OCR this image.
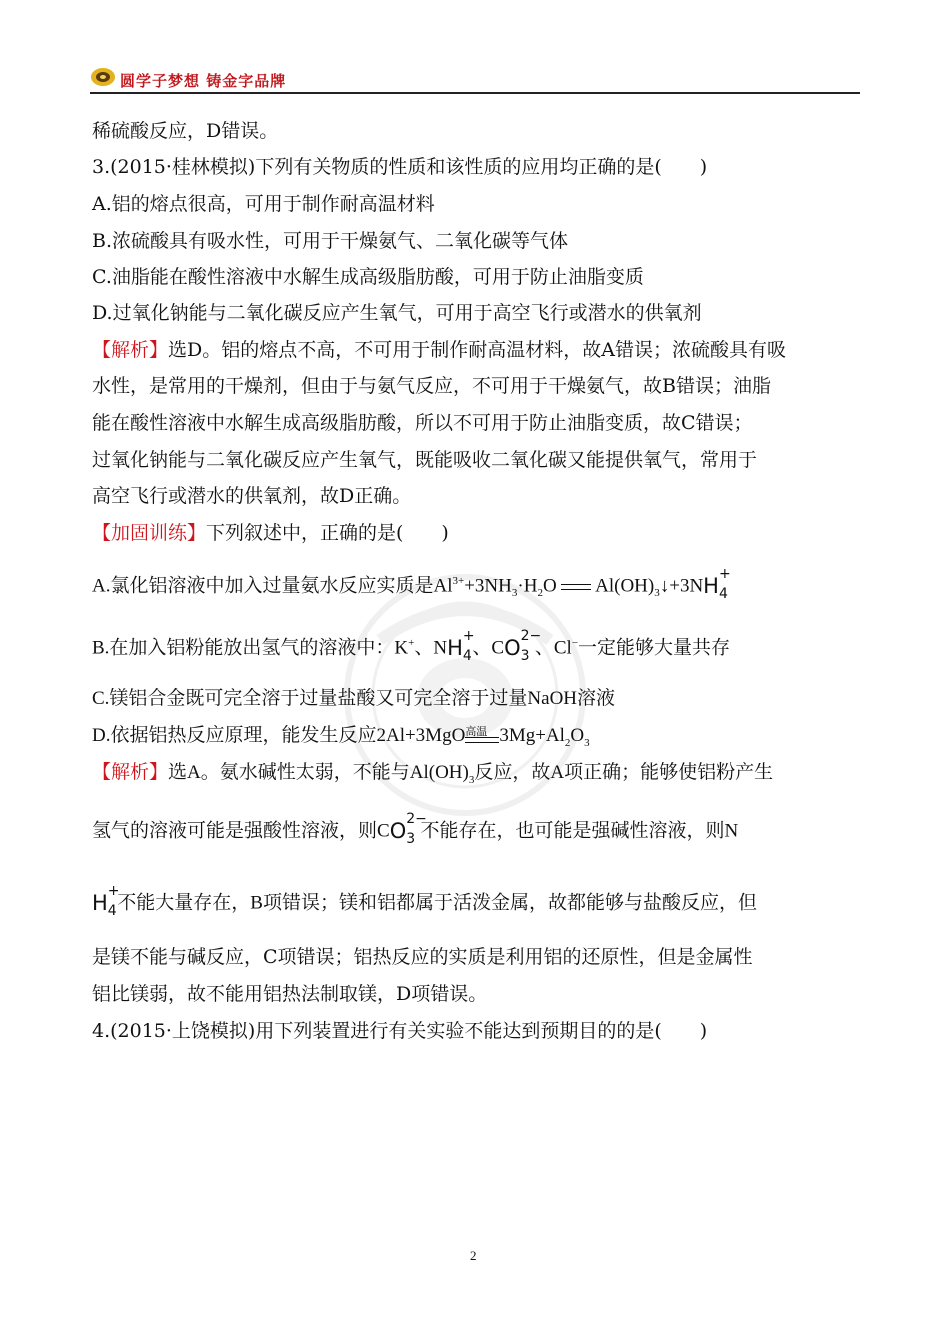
圆学子梦想 铸金字品牌
稀硫酸反应，D错误。
3.(2015·桂林模拟)下列有关物质的性质和该性质的应用均正确的是(　　)
A.铝的熔点很高，可用于制作耐高温材料
B.浓硫酸具有吸水性，可用于干燥氨气、二氧化碳等气体
C.油脂能在酸性溶液中水解生成高级脂肪酸，可用于防止油脂变质
D.过氧化钠能与二氧化碳反应产生氧气，可用于高空飞行或潜水的供氧剂
【解析】选D。铝的熔点不高，不可用于制作耐高温材料，故A错误；浓硫酸具有吸
水性，是常用的干燥剂，但由于与氨气反应，不可用于干燥氨气，故B错误；油脂
能在酸性溶液中水解生成高级脂肪酸，所以不可用于防止油脂变质，故C错误；
过氧化钠能与二氧化碳反应产生氧气，既能吸收二氧化碳又能提供氧气，常用于
高空飞行或潜水的供氧剂，故D正确。
【加固训练】下列叙述中，正确的是(　　)
A.氯化铝溶液中加入过量氨水反应实质是$Al^{3+}+3NH_3\cdot H_2O$ $Al(OH)_3↓+3NH$ +
4
B.在加入铝粉能放出氢气的溶液中：K+、NH +
4 、CO 2−
3 、Cl−一定能够大量共存
C.镁铝合金既可完全溶于过量盐酸又可完全溶于过量NaOH溶液
D.依据铝热反应原理，能发生反应2Al+3MgO 高温 $3Mg+Al_2O_3$
【解析】选A。氨水碱性太弱，不能与$Al(OH)_3$反应，故A项正确；能够使铝粉产生
氢气的溶液可能是强酸性溶液，则CO 2−
3 不能存在，也可能是强碱性溶液，则N
H +
4 不能大量存在，B项错误；镁和铝都属于活泼金属，故都能够与盐酸反应，但
是镁不能与碱反应，C项错误；铝热反应的实质是利用铝的还原性，但是金属性
铝比镁弱，故不能用铝热法制取镁，D项错误。
4.(2015·上饶模拟)用下列装置进行有关实验不能达到预期目的的是(　　)
2
